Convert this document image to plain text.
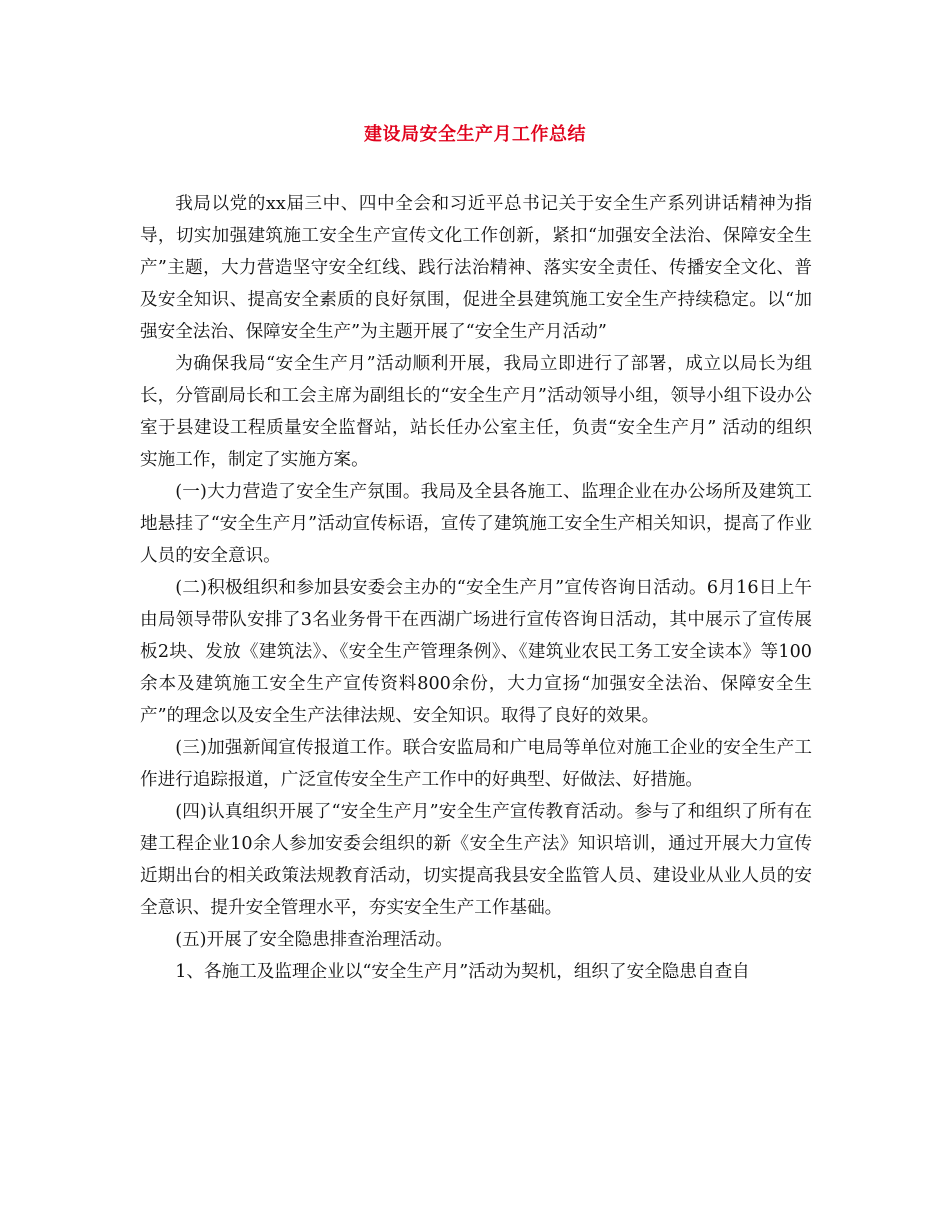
建设局安全生产月工作总结

我局以党的xx届三中、四中全会和习近平总书记关于安全生产系列讲话精神为指导，切实加强建筑施工安全生产宣传文化工作创新，紧扣“加强安全法治、保障安全生产”主题，大力营造坚守安全红线、践行法治精神、落实安全责任、传播安全文化、普及安全知识、提高安全素质的良好氛围，促进全县建筑施工安全生产持续稳定。以“加强安全法治、保障安全生产”为主题开展了“安全生产月活动”

为确保我局“安全生产月”活动顺利开展，我局立即进行了部署，成立以局长为组长，分管副局长和工会主席为副组长的“安全生产月”活动领导小组，领导小组下设办公室于县建设工程质量安全监督站，站长任办公室主任，负责“安全生产月” 活动的组织实施工作，制定了实施方案。

(一)大力营造了安全生产氛围。我局及全县各施工、监理企业在办公场所及建筑工地悬挂了“安全生产月”活动宣传标语，宣传了建筑施工安全生产相关知识，提高了作业人员的安全意识。

(二)积极组织和参加县安委会主办的“安全生产月”宣传咨询日活动。6月16日上午由局领导带队安排了3名业务骨干在西湖广场进行宣传咨询日活动，其中展示了宣传展板2块、发放《建筑法》、《安全生产管理条例》、《建筑业农民工务工安全读本》等100余本及建筑施工安全生产宣传资料800余份，大力宣扬“加强安全法治、保障安全生产”的理念以及安全生产法律法规、安全知识。取得了良好的效果。

(三)加强新闻宣传报道工作。联合安监局和广电局等单位对施工企业的安全生产工作进行追踪报道，广泛宣传安全生产工作中的好典型、好做法、好措施。

(四)认真组织开展了“安全生产月”安全生产宣传教育活动。参与了和组织了所有在建工程企业10余人参加安委会组织的新《安全生产法》知识培训，通过开展大力宣传近期出台的相关政策法规教育活动，切实提高我县安全监管人员、建设业从业人员的安全意识、提升安全管理水平，夯实安全生产工作基础。

(五)开展了安全隐患排查治理活动。

1、各施工及监理企业以“安全生产月”活动为契机，组织了安全隐患自查自
